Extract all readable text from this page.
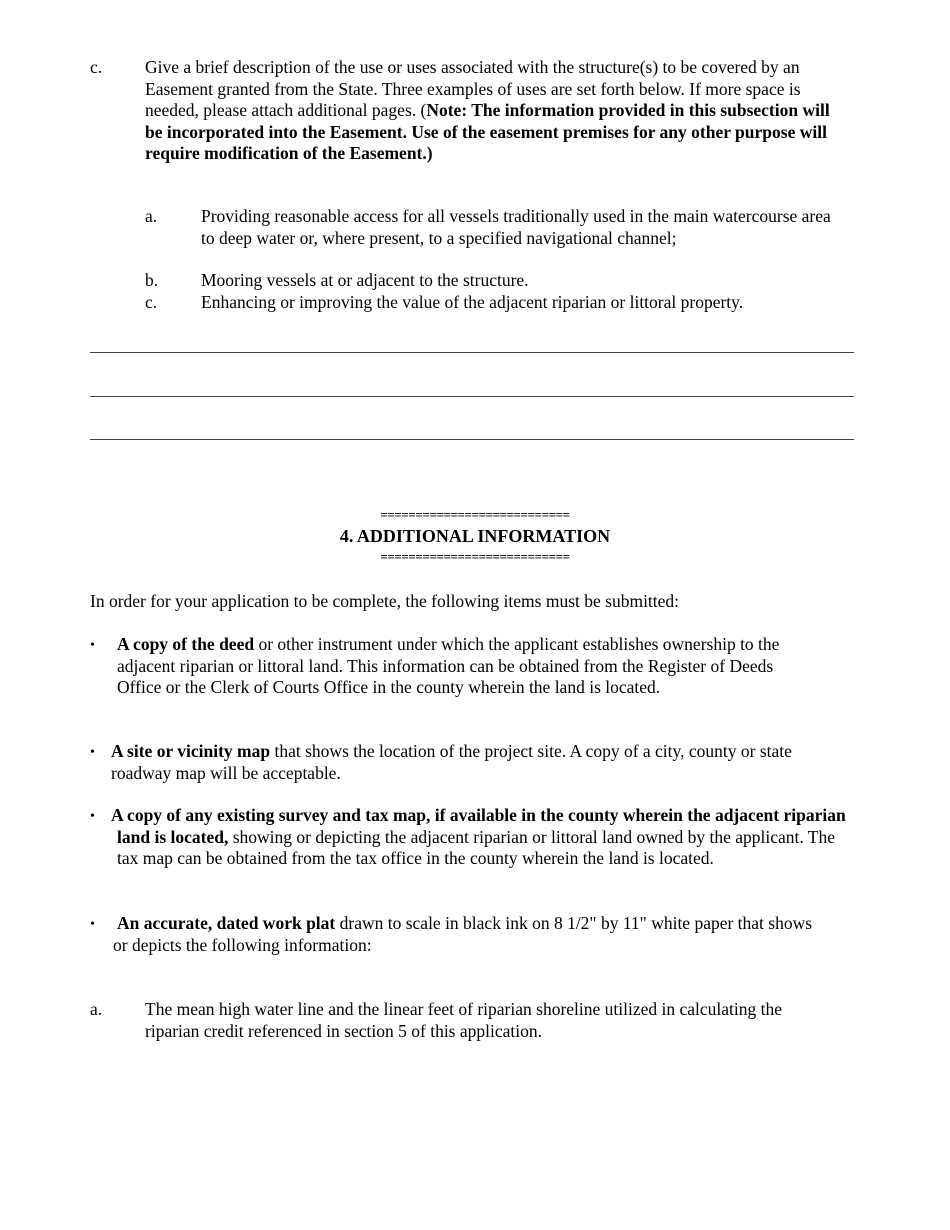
c. Give a brief description of the use or uses associated with the structure(s) to be covered by an Easement granted from the State. Three examples of uses are set forth below. If more space is needed, please attach additional pages. (Note: The information provided in this subsection will be incorporated into the Easement. Use of the easement premises for any other purpose will require modification of the Easement.)
a.	Providing reasonable access for all vessels traditionally used in the main watercourse area to deep water or, where present, to a specified navigational channel;
b. Mooring vessels at or adjacent to the structure.
c.	Enhancing or improving the value of the adjacent riparian or littoral property.
===========================
4. ADDITIONAL INFORMATION
===========================
In order for your application to be complete, the following items must be submitted:
• A copy of the deed or other instrument under which the applicant establishes ownership to the adjacent riparian or littoral land. This information can be obtained from the Register of Deeds Office or the Clerk of Courts Office in the county wherein the land is located.
• A site or vicinity map that shows the location of the project site. A copy of a city, county or state roadway map will be acceptable.
• A copy of any existing survey and tax map, if available in the county wherein the adjacent riparian land is located, showing or depicting the adjacent riparian or littoral land owned by the applicant. The tax map can be obtained from the tax office in the county wherein the land is located.
• An accurate, dated work plat drawn to scale in black ink on 8 1/2" by 11" white paper that shows or depicts the following information:
a. The mean high water line and the linear feet of riparian shoreline utilized in calculating the riparian credit referenced in section 5 of this application.
